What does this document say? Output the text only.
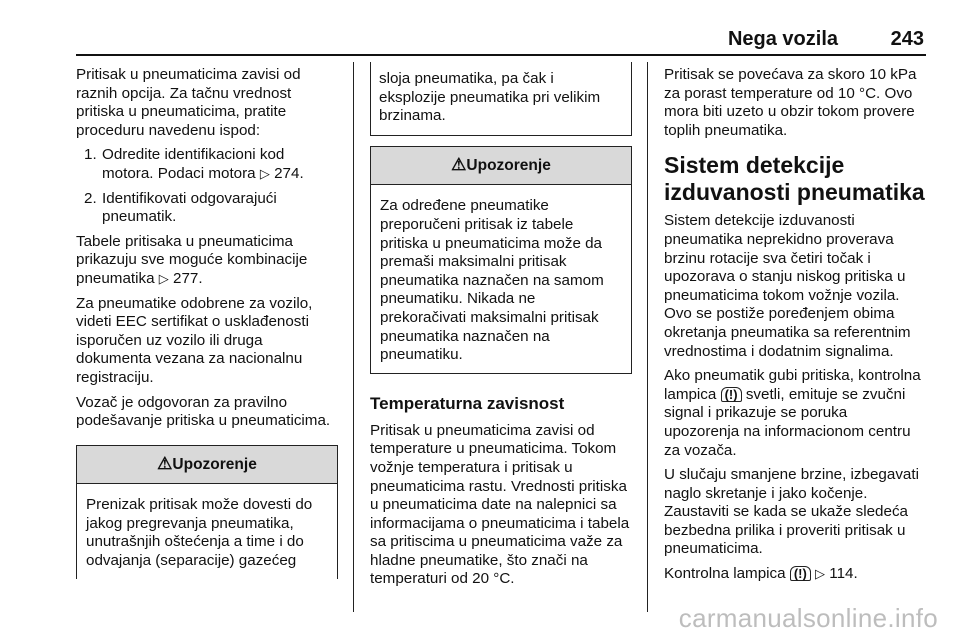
Nega vozila	243

Pritisak u pneumaticima zavisi od raznih opcija. Za tačnu vrednost pritiska u pneumaticima, pratite proceduru navedenu ispod:

1. Odredite identifikacioni kod motora. Podaci motora ▷ 274.
2. Identifikovati odgovarajući pneumatik.

Tabele pritisaka u pneumaticima prikazuju sve moguće kombinacije pneumatika ▷ 277.

Za pneumatike odobrene za vozilo, videti EEC sertifikat o usklađenosti isporučen uz vozilo ili druga dokumenta vezana za nacionalnu registraciju.

Vozač je odgovoran za pravilno podešavanje pritiska u pneumaticima.

⚠Upozorenje
Prenizak pritisak može dovesti do jakog pregrevanja pneumatika, unutrašnjih oštećenja a time i do odvajanja (separacije) gazećeg
sloja pneumatika, pa čak i eksplozije pneumatika pri velikim brzinama.
⚠Upozorenje
Za određene pneumatike preporučeni pritisak iz tabele pritiska u pneumaticima može da premaši maksimalni pritisak pneumatika naznačen na samom pneumatiku. Nikada ne prekoračivati maksimalni pritisak pneumatika naznačen na pneumatiku.
Temperaturna zavisnost

Pritisak u pneumaticima zavisi od temperature u pneumaticima. Tokom vožnje temperatura i pritisak u pneumaticima rastu. Vrednosti pritiska u pneumaticima date na nalepnici sa informacijama o pneumaticima i tabela sa pritiscima u pneumaticima važe za hladne pneumatike, što znači na temperaturi od 20 °C.

Pritisak se povećava za skoro 10 kPa za porast temperature od 10 °C. Ovo mora biti uzeto u obzir tokom provere toplih pneumatika.

Sistem detekcije izduvanosti pneumatika

Sistem detekcije izduvanosti pneumatika neprekidno proverava brzinu rotacije sva četiri točak i upozorava o stanju niskog pritiska u pneumaticima tokom vožnje vozila. Ovo se postiže poređenjem obima okretanja pneumatika sa referentnim vrednostima i dodatnim signalima.

Ako pneumatik gubi pritiska, kontrolna lampica (!) svetli, emituje se zvučni signal i prikazuje se poruka upozorenja na informacionom centru za vozača.

U slučaju smanjene brzine, izbegavati naglo skretanje i jako kočenje. Zaustaviti se kada se ukaže sledeća bezbedna prilika i proveriti pritisak u pneumaticima.

Kontrolna lampica (!) ▷ 114.

carmanualsonline.info
